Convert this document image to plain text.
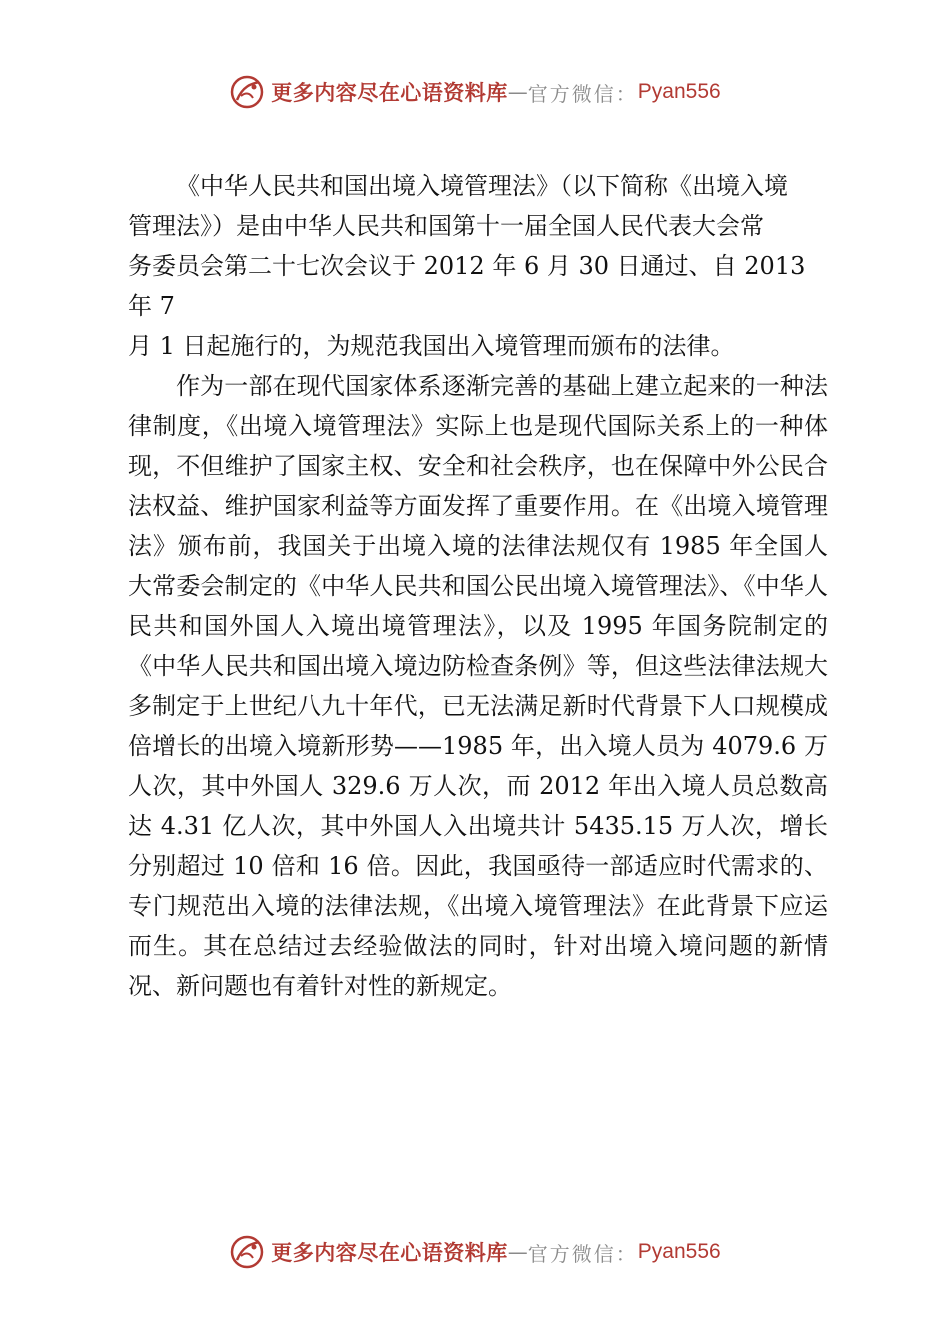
更多内容尽在心语资料库 — 官方微信： Pyan556

《中华人民共和国出境入境管理法》（以下简称《出境入境
管理法》）是由中华人民共和国第十一届全国人民代表大会常
务委员会第二十七次会议于 2012 年 6 月 30 日通过、自 2013
年 7
月 1 日起施行的，为规范我国出入境管理而颁布的法律。

作为一部在现代国家体系逐渐完善的基础上建立起来的一种法律制度，《出境入境管理法》实际上也是现代国际关系上的一种体现，不但维护了国家主权、安全和社会秩序，也在保障中外公民合法权益、维护国家利益等方面发挥了重要作用。在《出境入境管理法》颁布前，我国关于出境入境的法律法规仅有 1985 年全国人大常委会制定的《中华人民共和国公民出境入境管理法》、《中华人民共和国外国人入境出境管理法》，以及 1995 年国务院制定的《中华人民共和国出境入境边防检查条例》等，但这些法律法规大多制定于上世纪八九十年代，已无法满足新时代背景下人口规模成倍增长的出境入境新形势——1985 年，出入境人员为 4079.6 万人次，其中外国人 329.6 万人次，而 2012 年出入境人员总数高达 4.31 亿人次，其中外国人入出境共计 5435.15 万人次，增长分别超过 10 倍和 16 倍。因此，我国亟待一部适应时代需求的、专门规范出入境的法律法规，《出境入境管理法》在此背景下应运而生。其在总结过去经验做法的同时，针对出境入境问题的新情况、新问题也有着针对性的新规定。

更多内容尽在心语资料库 — 官方微信： Pyan556
